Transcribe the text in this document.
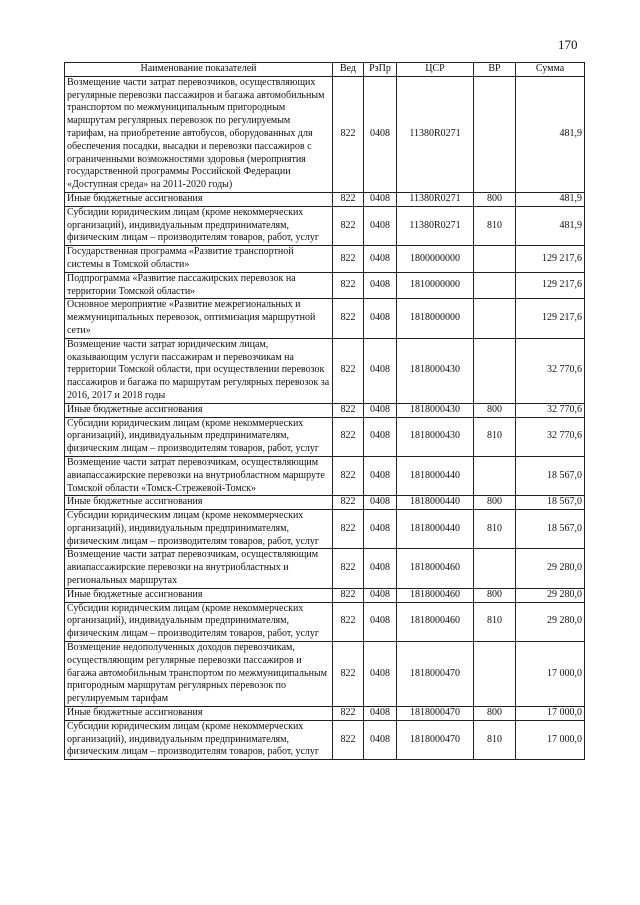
170
Наименование показателей	Вед	РзПр	ЦСР	ВР	Сумма
Возмещение части затрат перевозчиков, осуществляющих регулярные перевозки пассажиров и багажа автомобильным транспортом по межмуниципальным пригородным маршрутам регулярных перевозок по регулируемым тарифам, на приобретение автобусов, оборудованных для обеспечения посадки, высадки и перевозки пассажиров с ограниченными возможностями здоровья (мероприятия государственной программы Российской Федерации «Доступная среда» на 2011-2020 годы)	822	0408	11380R0271		481,9
Иные бюджетные ассигнования	822	0408	11380R0271	800	481,9
Субсидии юридическим лицам (кроме некоммерческих организаций), индивидуальным предпринимателям, физическим лицам – производителям товаров, работ, услуг	822	0408	11380R0271	810	481,9
Государственная программа «Развитие транспортной системы в Томской области»	822	0408	1800000000		129 217,6
Подпрограмма «Развитие пассажирских перевозок на территории Томской области»	822	0408	1810000000		129 217,6
Основное мероприятие «Развитие межрегиональных и межмуниципальных перевозок, оптимизация маршрутной сети»	822	0408	1818000000		129 217,6
Возмещение части затрат юридическим лицам, оказывающим услуги пассажирам и перевозчикам на территории Томской области, при осуществлении перевозок пассажиров и багажа по маршрутам регулярных перевозок за 2016, 2017 и 2018 годы	822	0408	1818000430		32 770,6
Иные бюджетные ассигнования	822	0408	1818000430	800	32 770,6
Субсидии юридическим лицам (кроме некоммерческих организаций), индивидуальным предпринимателям, физическим лицам – производителям товаров, работ, услуг	822	0408	1818000430	810	32 770,6
Возмещение части затрат перевозчикам, осуществляющим авиапассажирские перевозки на внутриобластном маршруте Томской области «Томск-Стрежевой-Томск»	822	0408	1818000440		18 567,0
Иные бюджетные ассигнования	822	0408	1818000440	800	18 567,0
Субсидии юридическим лицам (кроме некоммерческих организаций), индивидуальным предпринимателям, физическим лицам – производителям товаров, работ, услуг	822	0408	1818000440	810	18 567,0
Возмещение части затрат перевозчикам, осуществляющим авиапассажирские перевозки на внутриобластных и региональных маршрутах	822	0408	1818000460		29 280,0
Иные бюджетные ассигнования	822	0408	1818000460	800	29 280,0
Субсидии юридическим лицам (кроме некоммерческих организаций), индивидуальным предпринимателям, физическим лицам – производителям товаров, работ, услуг	822	0408	1818000460	810	29 280,0
Возмещение недополученных доходов перевозчикам, осуществляющим регулярные перевозки пассажиров и багажа автомобильным транспортом по межмуниципальным пригородным маршрутам регулярных перевозок по регулируемым тарифам	822	0408	1818000470		17 000,0
Иные бюджетные ассигнования	822	0408	1818000470	800	17 000,0
Субсидии юридическим лицам (кроме некоммерческих организаций), индивидуальным предпринимателям, физическим лицам – производителям товаров, работ, услуг	822	0408	1818000470	810	17 000,0
